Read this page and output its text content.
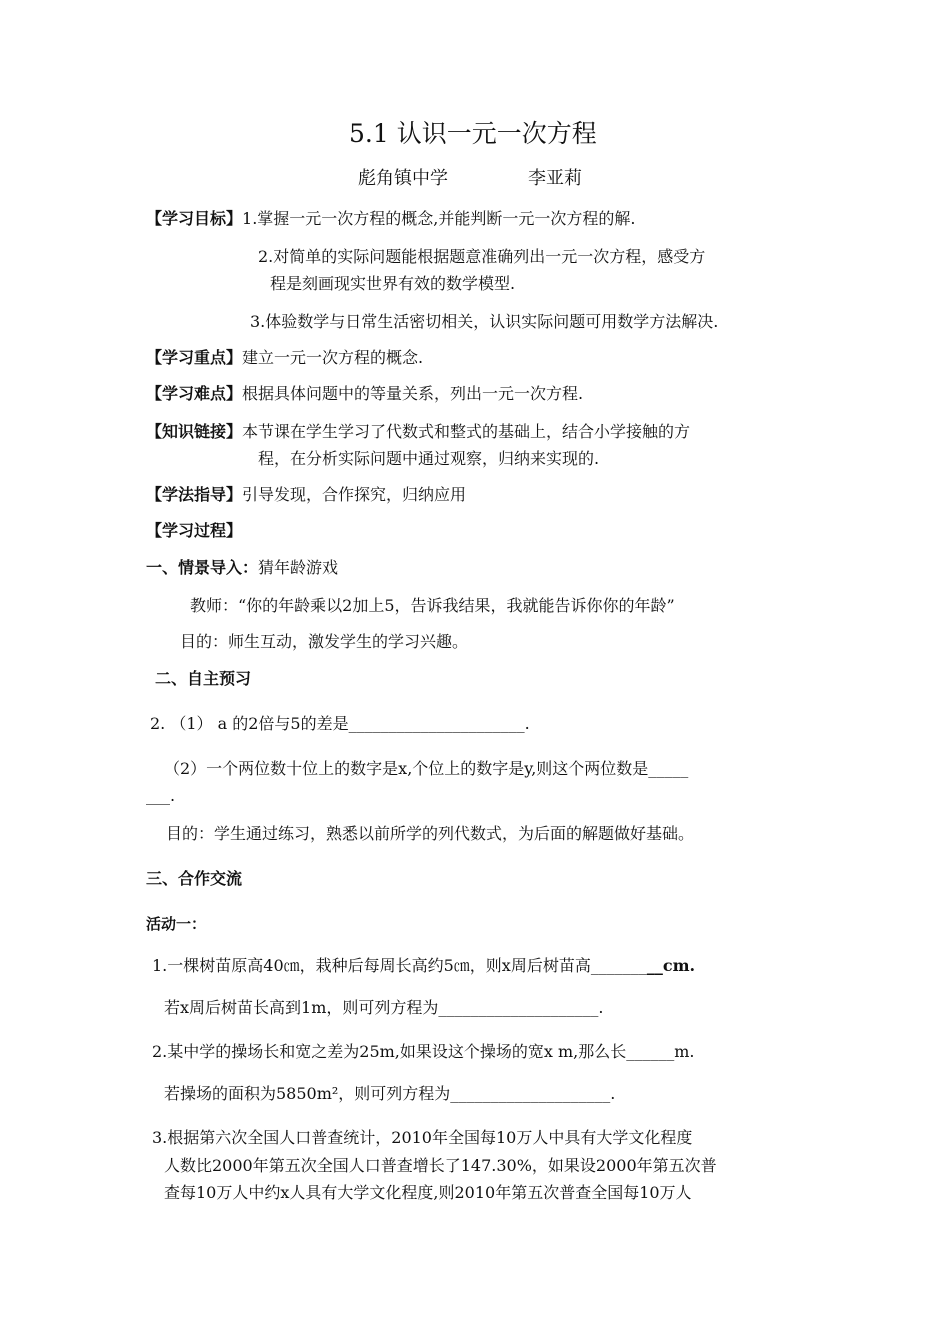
5.1 认识一元一次方程
彪角镇中学	李亚莉
【学习目标】1.掌握一元一次方程的概念,并能判断一元一次方程的解.
2.对简单的实际问题能根据题意准确列出一元一次方程，感受方
程是刻画现实世界有效的数学模型.
3.体验数学与日常生活密切相关，认识实际问题可用数学方法解决.
【学习重点】建立一元一次方程的概念.
【学习难点】根据具体问题中的等量关系，列出一元一次方程.
【知识链接】本节课在学生学习了代数式和整式的基础上，结合小学接触的方
程，在分析实际问题中通过观察，归纳来实现的.
【学法指导】引导发现，合作探究，归纳应用
【学习过程】
一、情景导入：猜年龄游戏
教师：“你的年龄乘以2加上5，告诉我结果，我就能告诉你你的年龄”
目的：师生互动，激发学生的学习兴趣。
二、自主预习
2. （1） a 的2倍与5的差是______________________.
（2）一个两位数十位上的数字是x,个位上的数字是y,则这个两位数是_____
___.
目的：学生通过练习，熟悉以前所学的列代数式，为后面的解题做好基础。
三、合作交流
活动一：
1.一棵树苗原高40㎝，栽种后每周长高约5㎝，则x周后树苗高_________cm.
若x周后树苗长高到1m，则可列方程为____________________.
2.某中学的操场长和宽之差为25m,如果设这个操场的宽x m,那么长______m.
若操场的面积为5850m²，则可列方程为____________________.
3.根据第六次全国人口普查统计，2010年全国每10万人中具有大学文化程度
人数比2000年第五次全国人口普查增长了147.30%，如果设2000年第五次普
查每10万人中约x人具有大学文化程度,则2010年第五次普查全国每10万人
